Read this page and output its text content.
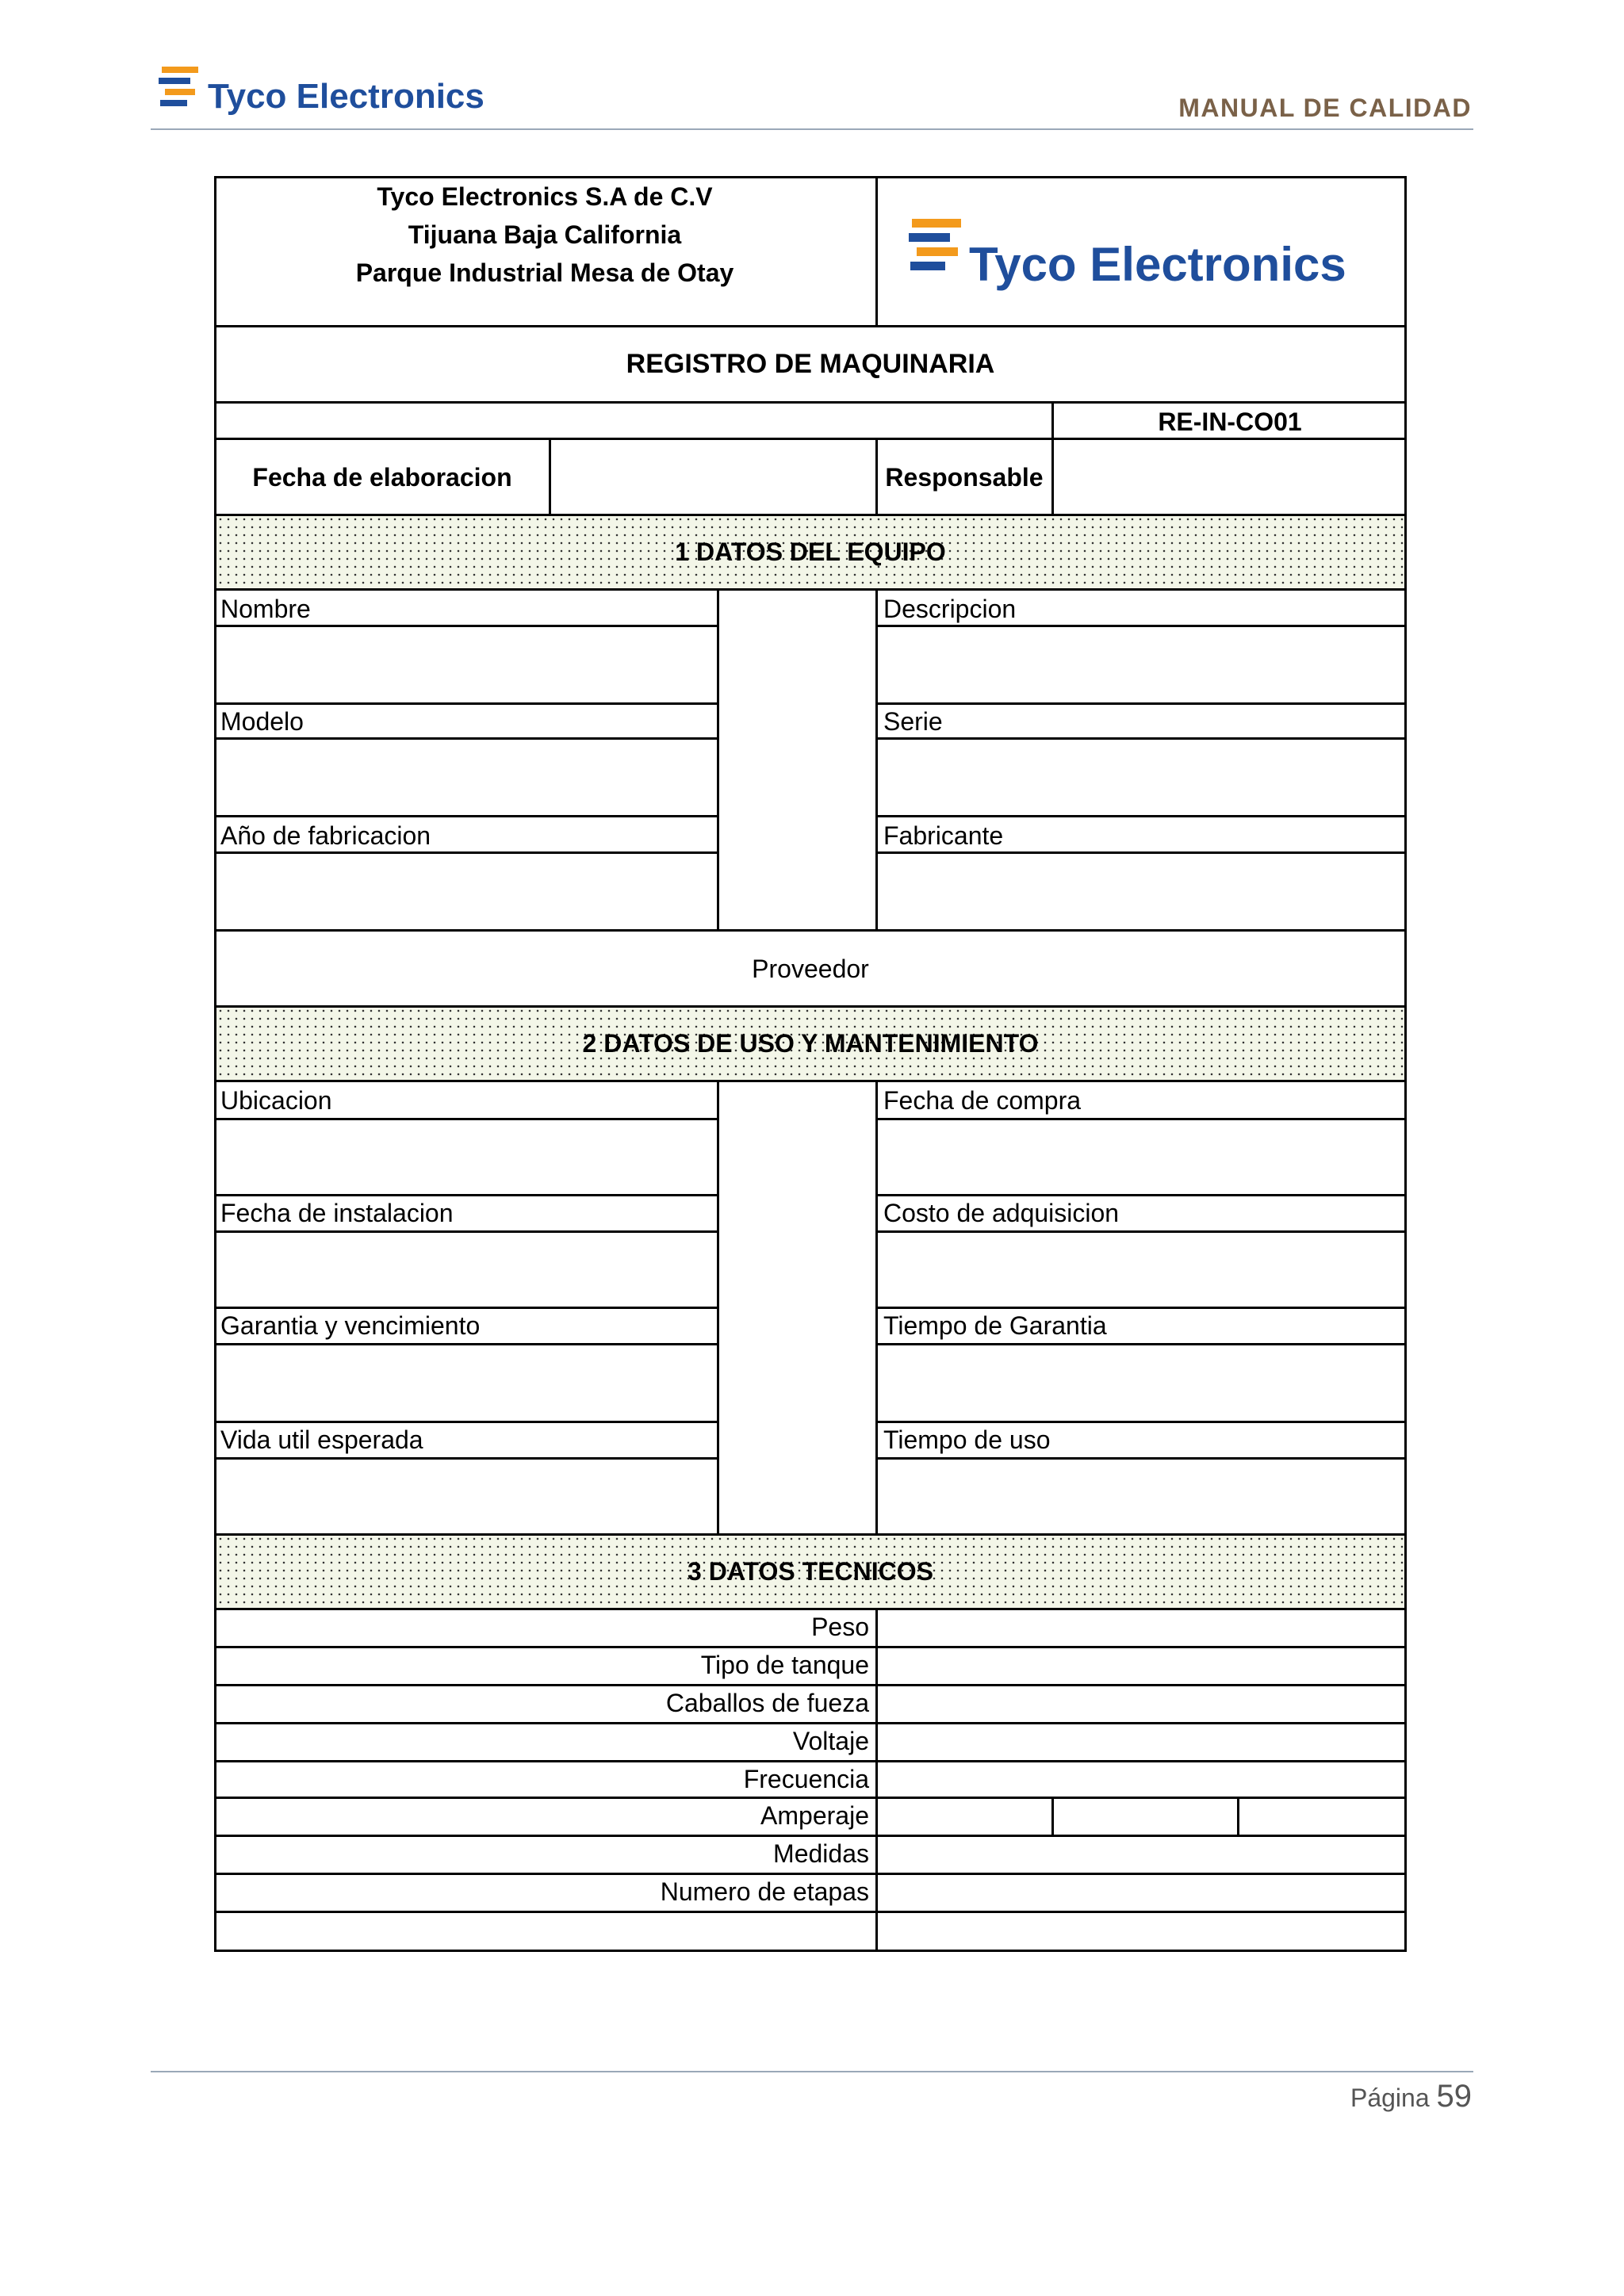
Tyco Electronics	MANUAL DE CALIDAD
Tyco Electronics S.A de C.V
Tijuana Baja California
Parque Industrial Mesa de Otay	Tyco Electronics
REGISTRO DE MAQUINARIA
RE-IN-CO01
Fecha de elaboracion	Responsable
1 DATOS DEL EQUIPO
Nombre	Descripcion
Modelo	Serie
Año de fabricacion	Fabricante
Proveedor
2 DATOS DE USO Y MANTENIMIENTO
Ubicacion	Fecha de compra
Fecha de instalacion	Costo de adquisicion
Garantia y vencimiento	Tiempo de Garantia
Vida util esperada	Tiempo de uso
3 DATOS TECNICOS
Peso
Tipo de tanque
Caballos de fueza
Voltaje
Frecuencia
Amperaje
Medidas
Numero de etapas
Página 59
